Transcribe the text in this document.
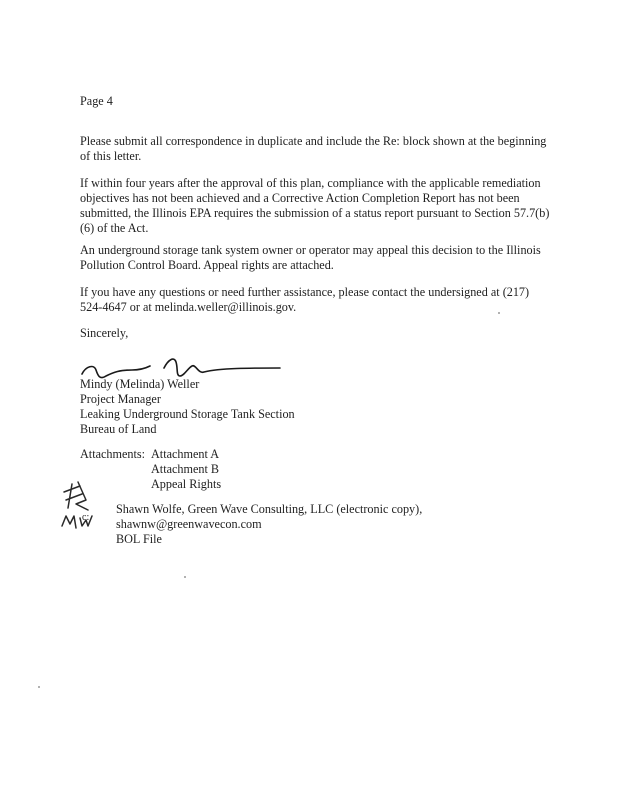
Page 4
Please submit all correspondence in duplicate and include the Re: block shown at the beginning of this letter.
If within four years after the approval of this plan, compliance with the applicable remediation objectives has not been achieved and a Corrective Action Completion Report has not been submitted, the Illinois EPA requires the submission of a status report pursuant to Section 57.7(b)(6) of the Act.
An underground storage tank system owner or operator may appeal this decision to the Illinois Pollution Control Board. Appeal rights are attached.
If you have any questions or need further assistance, please contact the undersigned at (217) 524-4647 or at melinda.weller@illinois.gov.
Sincerely,
Mindy (Melinda) Weller
Project Manager
Leaking Underground Storage Tank Section
Bureau of Land
Attachments: Attachment A
Attachment B
Appeal Rights
c:
Shawn Wolfe, Green Wave Consulting, LLC (electronic copy),
shawnw@greenwavecon.com
BOL File
